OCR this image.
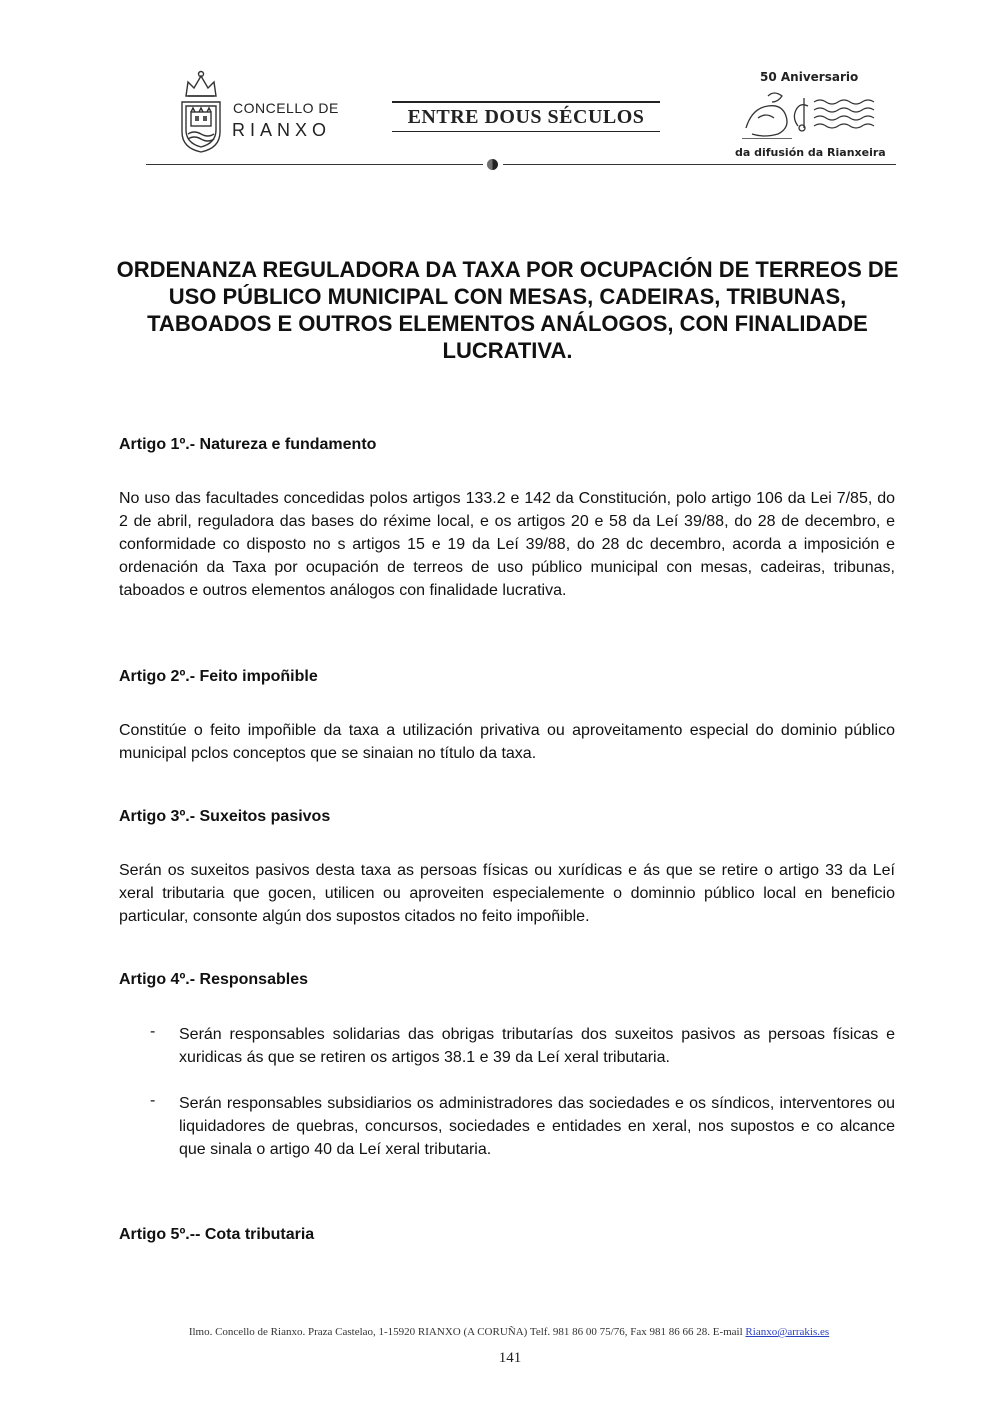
CONCELLO DE
RIANXO
ENTRE DOUS SÉCULOS
50 Aniversario
da difusión da Rianxeira
ORDENANZA REGULADORA DA TAXA POR OCUPACIÓN DE TERREOS DE USO PÚBLICO MUNICIPAL CON MESAS, CADEIRAS, TRIBUNAS, TABOADOS E OUTROS ELEMENTOS ANÁLOGOS, CON FINALIDADE LUCRATIVA.
Artigo 1º.- Natureza e fundamento
No uso das facultades concedidas polos artigos 133.2 e 142 da Constitución, polo artigo 106 da Lei 7/85, do 2 de abril, reguladora das bases do réxime local, e os artigos 20 e 58 da Leí 39/88, do 28 de decembro, e conformidade co disposto no s artigos 15 e 19 da Leí 39/88, do 28 dc decembro, acorda a imposición e ordenación da Taxa por ocupación de terreos de uso público municipal con mesas, cadeiras, tribunas, taboados e outros elementos análogos con finalidade lucrativa.
Artigo 2º.- Feito impoñible
Constitúe o feito impoñible da taxa a utilización privativa ou aproveitamento especial do dominio público municipal pclos conceptos que se sinaian no título da taxa.
Artigo 3º.- Suxeitos pasivos
Serán os suxeitos pasivos desta taxa as persoas físicas ou xurídicas e ás que se retire o artigo 33 da Leí xeral tributaria que gocen, utilicen ou aproveiten especialemente o dominnio público local en beneficio particular, consonte algún dos supostos citados no feito impoñible.
Artigo 4º.- Responsables
- Serán responsables solidarias das obrigas tributarías dos suxeitos pasivos as persoas físicas e xuridicas ás que se retiren os artigos 38.1 e 39 da Leí xeral tributaria.
- Serán responsables subsidiarios os administradores das sociedades e os síndicos, interventores ou liquidadores de quebras, concursos, sociedades e entidades en xeral, nos supostos e co alcance que sinala o artigo 40 da Leí xeral tributaria.
Artigo 5º.-- Cota tributaria
Ilmo. Concello de Rianxo. Praza Castelao, 1-15920 RIANXO (A CORUÑA) Telf. 981 86 00 75/76, Fax 981 86 66 28. E-mail Rianxo@arrakis.es
141
